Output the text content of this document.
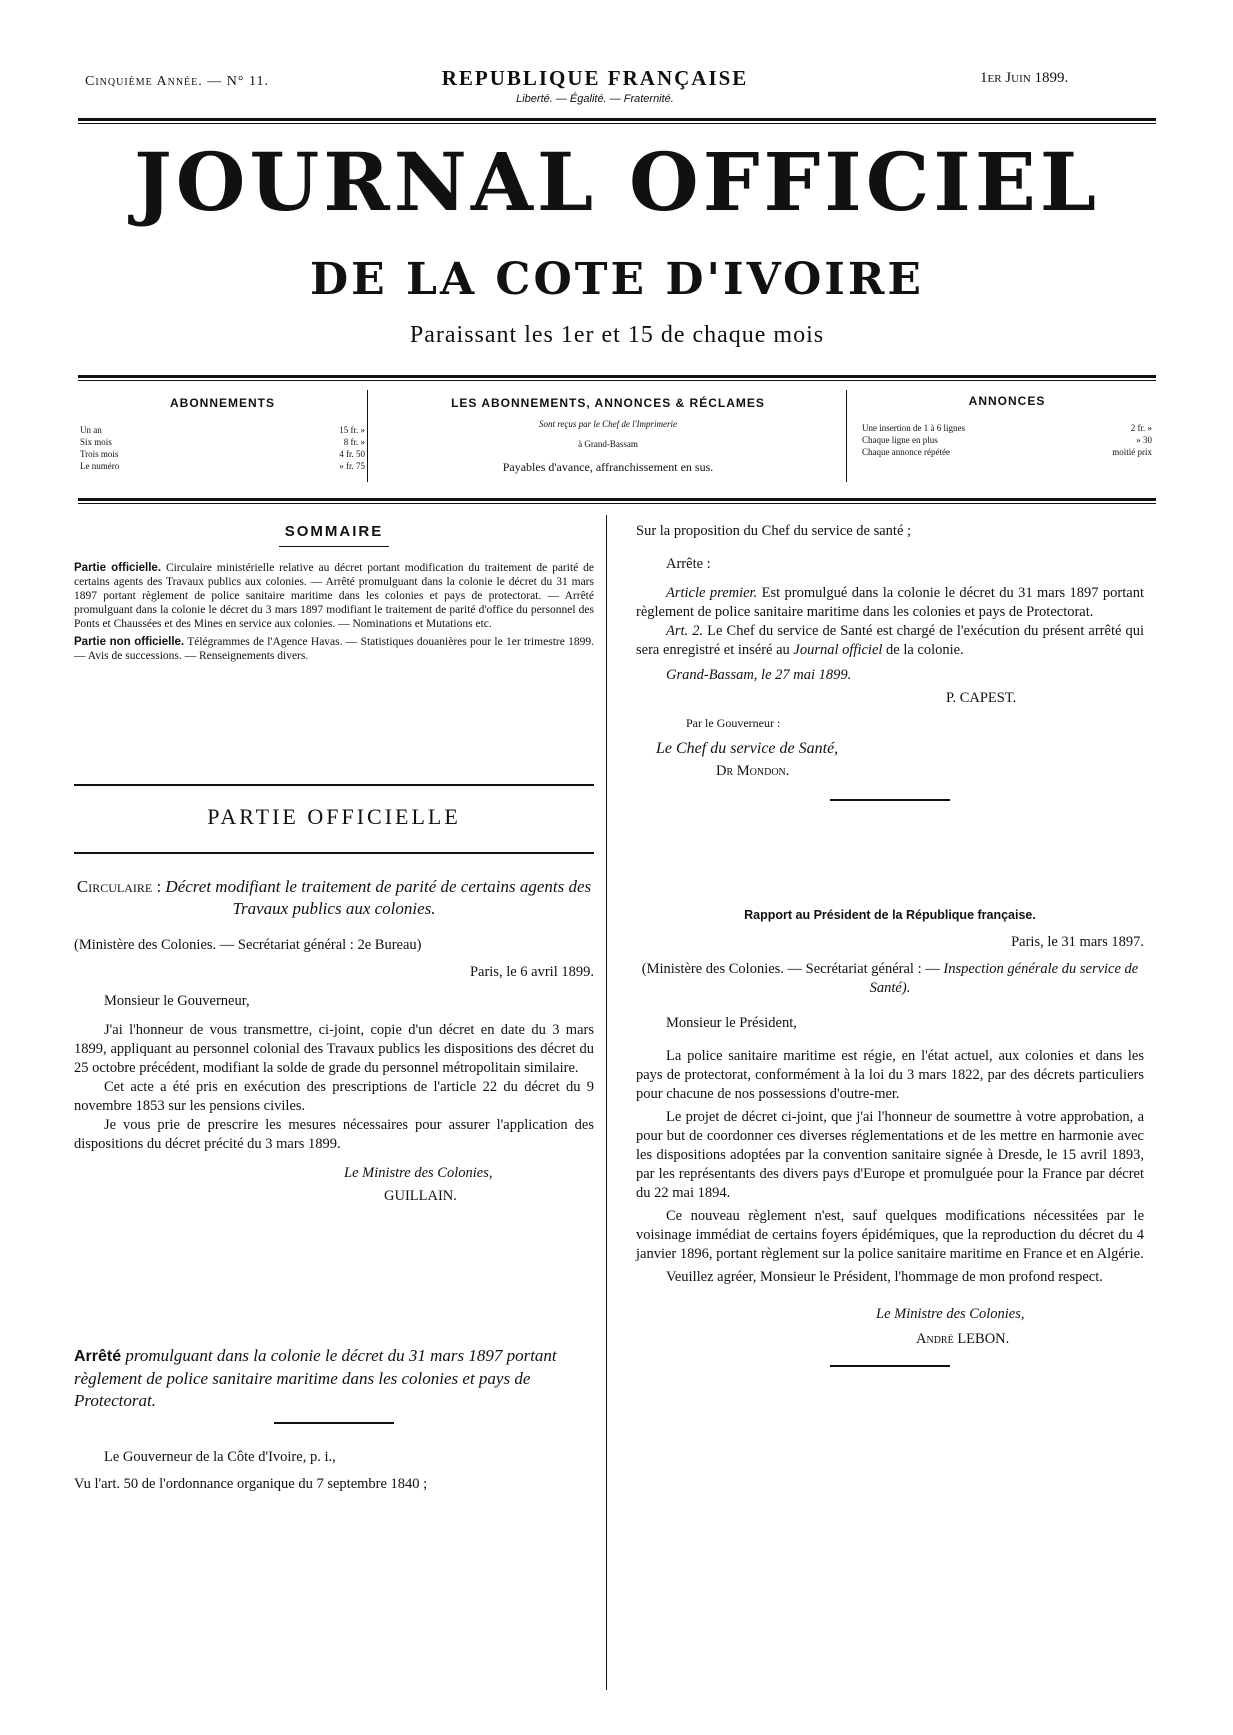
Cinquième Année. — N° 11.	REPUBLIQUE FRANÇAISE
Liberté. — Égalité. — Fraternité.
1er Juin 1899.
JOURNAL OFFICIEL
DE LA COTE D'IVOIRE
Paraissant les 1er et 15 de chaque mois
ABONNEMENTS
Un an	15 fr. »
Six mois	8 fr. »
Trois mois	4 fr. 50
Le numéro	» fr. 75
LES ABONNEMENTS, ANNONCES & RÉCLAMES
Sont reçus par le Chef de l'Imprimerie
à Grand-Bassam
Payables d'avance, affranchissement en sus.
ANNONCES
Une insertion de 1 à 6 lignes	2 fr. »
Chaque ligne en plus	» 30
Chaque annonce répétée	moitié prix
SOMMAIRE

Partie officielle. Circulaire ministérielle relative au décret portant modification du traitement de parité de certains agents des Travaux publics aux colonies. — Arrêté promulguant dans la colonie le décret du 31 mars 1897 portant règlement de police sanitaire maritime dans les colonies et pays de protectorat. — Arrêté promulguant dans la colonie le décret du 3 mars 1897 modifiant le traitement de parité d'office du personnel des Ponts et Chaussées et des Mines en service aux colonies. — Nominations et Mutations etc.

Partie non officielle. Télégrammes de l'Agence Havas. — Statistiques douanières pour le 1er trimestre 1899. — Avis de successions. — Renseignements divers.

PARTIE OFFICIELLE

Circulaire : Décret modifiant le traitement de parité de certains agents des Travaux publics aux colonies.

(Ministère des Colonies. — Secrétariat général : 2e Bureau)

Paris, le 6 avril 1899.

Monsieur le Gouverneur,

J'ai l'honneur de vous transmettre, ci-joint, copie d'un décret en date du 3 mars 1899, appliquant au personnel colonial des Travaux publics les dispositions des décret du 25 octobre précédent, modifiant la solde de grade du personnel métropolitain similaire.

Cet acte a été pris en exécution des prescriptions de l'article 22 du décret du 9 novembre 1853 sur les pensions civiles.

Je vous prie de prescrire les mesures nécessaires pour assurer l'application des dispositions du décret précité du 3 mars 1899.

Le Ministre des Colonies,

GUILLAIN.

Arrêté promulguant dans la colonie le décret du 31 mars 1897 portant règlement de police sanitaire maritime dans les colonies et pays de Protectorat.

Le Gouverneur de la Côte d'Ivoire, p. i.,

Vu l'art. 50 de l'ordonnance organique du 7 septembre 1840 ;

Sur la proposition du Chef du service de santé ;

Arrête :

Article premier. Est promulgué dans la colonie le décret du 31 mars 1897 portant règlement de police sanitaire maritime dans les colonies et pays de Protectorat.

Art. 2. Le Chef du service de Santé est chargé de l'exécution du présent arrêté qui sera enregistré et inséré au Journal officiel de la colonie.

Grand-Bassam, le 27 mai 1899.

P. CAPEST.

Par le Gouverneur :

Le Chef du service de Santé,

Dr Mondon.

Rapport au Président de la République française.

Paris, le 31 mars 1897.

(Ministère des Colonies. — Secrétariat général : — Inspection générale du service de Santé).

Monsieur le Président,

La police sanitaire maritime est régie, en l'état actuel, aux colonies et dans les pays de protectorat, conformément à la loi du 3 mars 1822, par des décrets particuliers pour chacune de nos possessions d'outre-mer.

Le projet de décret ci-joint, que j'ai l'honneur de soumettre à votre approbation, a pour but de coordonner ces diverses réglementations et de les mettre en harmonie avec les dispositions adoptées par la convention sanitaire signée à Dresde, le 15 avril 1893, par les représentants des divers pays d'Europe et promulguée pour la France par décret du 22 mai 1894.

Ce nouveau règlement n'est, sauf quelques modifications nécessitées par le voisinage immédiat de certains foyers épidémiques, que la reproduction du décret du 4 janvier 1896, portant règlement sur la police sanitaire maritime en France et en Algérie.

Veuillez agréer, Monsieur le Président, l'hommage de mon profond respect.

Le Ministre des Colonies,

André LEBON.
